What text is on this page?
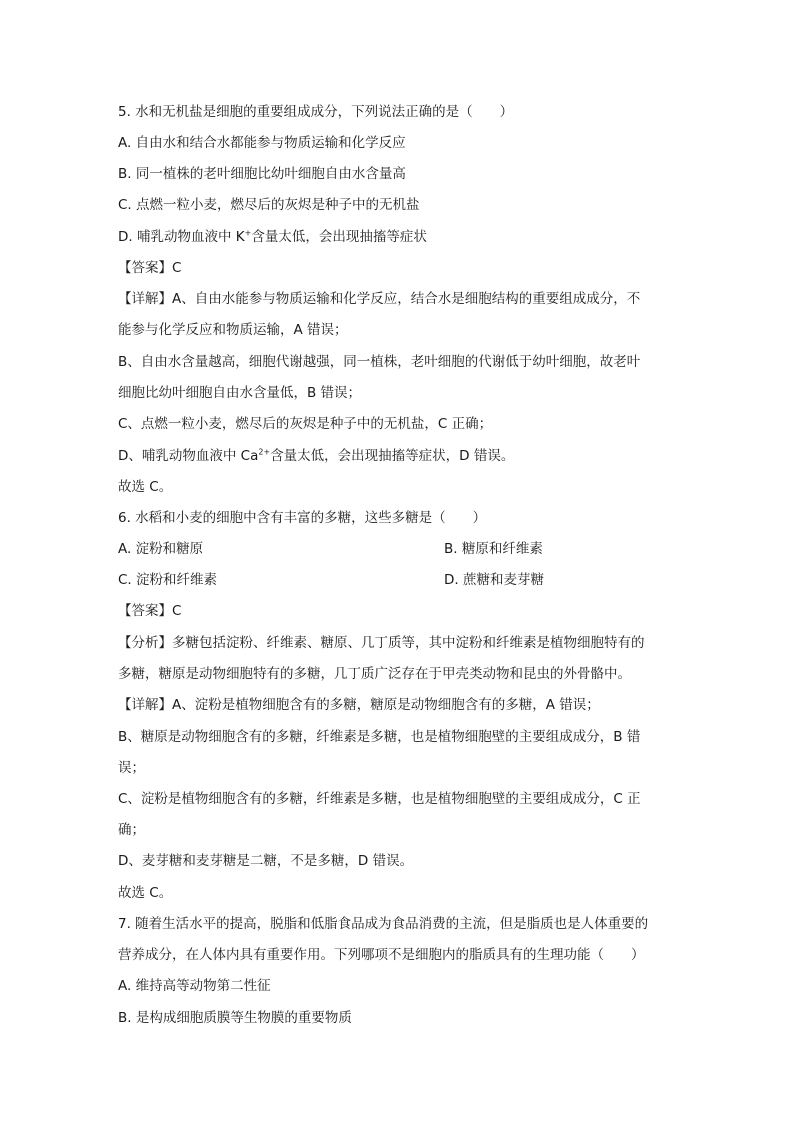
5. 水和无机盐是细胞的重要组成成分，下列说法正确的是（　　）
A. 自由水和结合水都能参与物质运输和化学反应
B. 同一植株的老叶细胞比幼叶细胞自由水含量高
C. 点燃一粒小麦，燃尽后的灰烬是种子中的无机盐
D. 哺乳动物血液中 K+含量太低，会出现抽搐等症状
【答案】C
【详解】A、自由水能参与物质运输和化学反应，结合水是细胞结构的重要组成成分，不
能参与化学反应和物质运输，A 错误；
B、自由水含量越高，细胞代谢越强，同一植株，老叶细胞的代谢低于幼叶细胞，故老叶
细胞比幼叶细胞自由水含量低，B 错误；
C、点燃一粒小麦，燃尽后的灰烬是种子中的无机盐，C 正确；
D、哺乳动物血液中 $Ca^{2+}$含量太低，会出现抽搐等症状，D 错误。
故选 C。
6. 水稻和小麦的细胞中含有丰富的多糖，这些多糖是（　　）
A. 淀粉和糖原	B. 糖原和纤维素
C. 淀粉和纤维素	D. 蔗糖和麦芽糖
【答案】C
【分析】多糖包括淀粉、纤维素、糖原、几丁质等，其中淀粉和纤维素是植物细胞特有的
多糖，糖原是动物细胞特有的多糖，几丁质广泛存在于甲壳类动物和昆虫的外骨骼中。
【详解】A、淀粉是植物细胞含有的多糖，糖原是动物细胞含有的多糖，A 错误；
B、糖原是动物细胞含有的多糖，纤维素是多糖，也是植物细胞壁的主要组成成分，B 错
误；
C、淀粉是植物细胞含有的多糖，纤维素是多糖，也是植物细胞壁的主要组成成分，C 正
确；
D、麦芽糖和麦芽糖是二糖，不是多糖，D 错误。
故选 C。
7. 随着生活水平的提高，脱脂和低脂食品成为食品消费的主流，但是脂质也是人体重要的
营养成分，在人体内具有重要作用。下列哪项不是细胞内的脂质具有的生理功能（　　）
A. 维持高等动物第二性征
B. 是构成细胞质膜等生物膜的重要物质
